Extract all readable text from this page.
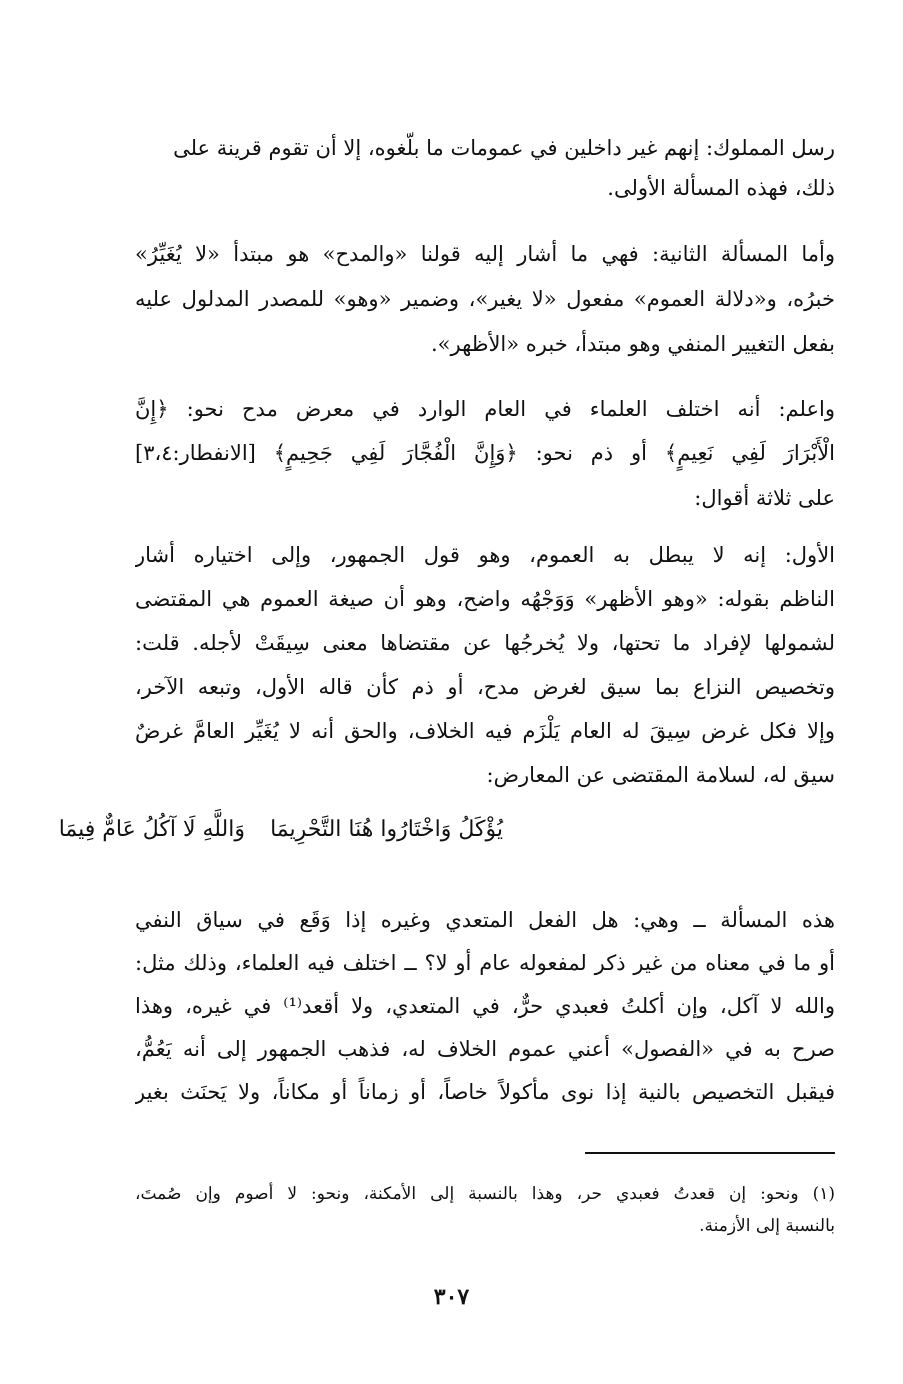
رسل المملوك: إنهم غير داخلين في عمومات ما بلّغوه، إلا أن تقوم قرينة على
ذلك، فهذه المسألة الأولى.
وأما المسألة الثانية: فهي ما أشار إليه قولنا «والمدح» هو مبتدأ «لا يُغَيِّرُ»
خبرُه، و«دلالة العموم» مفعول «لا يغير»، وضمير «وهو» للمصدر المدلول عليه
بفعل التغيير المنفي وهو مبتدأ، خبره «الأظهر».
واعلم: أنه اختلف العلماء في العام الوارد في معرض مدح نحو: ﴿إِنَّ
الْأَبْرَارَ لَفِي نَعِيمٍ﴾ أو ذم نحو: ﴿وَإِنَّ الْفُجَّارَ لَفِي جَحِيمٍ﴾ [الانفطار:٣،٤]
على ثلاثة أقوال:
الأول: إنه لا يبطل به العموم، وهو قول الجمهور، وإلى اختياره أشار
الناظم بقوله: «وهو الأظهر» وَوَجْهُه واضح، وهو أن صيغة العموم هي المقتضى
لشمولها لإفراد ما تحتها، ولا يُخرجُها عن مقتضاها معنى سِيقَتْ لأجله. قلت:
وتخصيص النزاع بما سيق لغرض مدح، أو ذم كأن قاله الأول، وتبعه الآخر،
وإلا فكل غرض سِيقَ له العام يَلْزَم فيه الخلاف، والحق أنه لا يُغَيِّر العامَّ غرضٌ
سيق له، لسلامة المقتضى عن المعارض:
وَاللَّهِ لَا آكُلُ عَامٌّ فِيمَا يُؤْكَلُ وَاخْتَارُوا هُنَا التَّحْرِيمَا
هذه المسألة ــ وهي: هل الفعل المتعدي وغيره إذا وَقَع في سياق النفي
أو ما في معناه من غير ذكر لمفعوله عام أو لا؟ ــ اختلف فيه العلماء، وذلك مثل:
والله لا آكل، وإن أكلتُ فعبدي حرٌّ، في المتعدي، ولا أقعد⁽¹⁾ في غيره، وهذا
صرح به في «الفصول» أعني عموم الخلاف له، فذهب الجمهور إلى أنه يَعُمُّ،
فيقبل التخصيص بالنية إذا نوى مأكولاً خاصاً، أو زماناً أو مكاناً، ولا يَحنَث بغير
(١) ونحو: إن قعدتُ فعبدي حر، وهذا بالنسبة إلى الأمكنة، ونحو: لا أصوم وإن صُمتَ،
بالنسبة إلى الأزمنة.
٣٠٧
